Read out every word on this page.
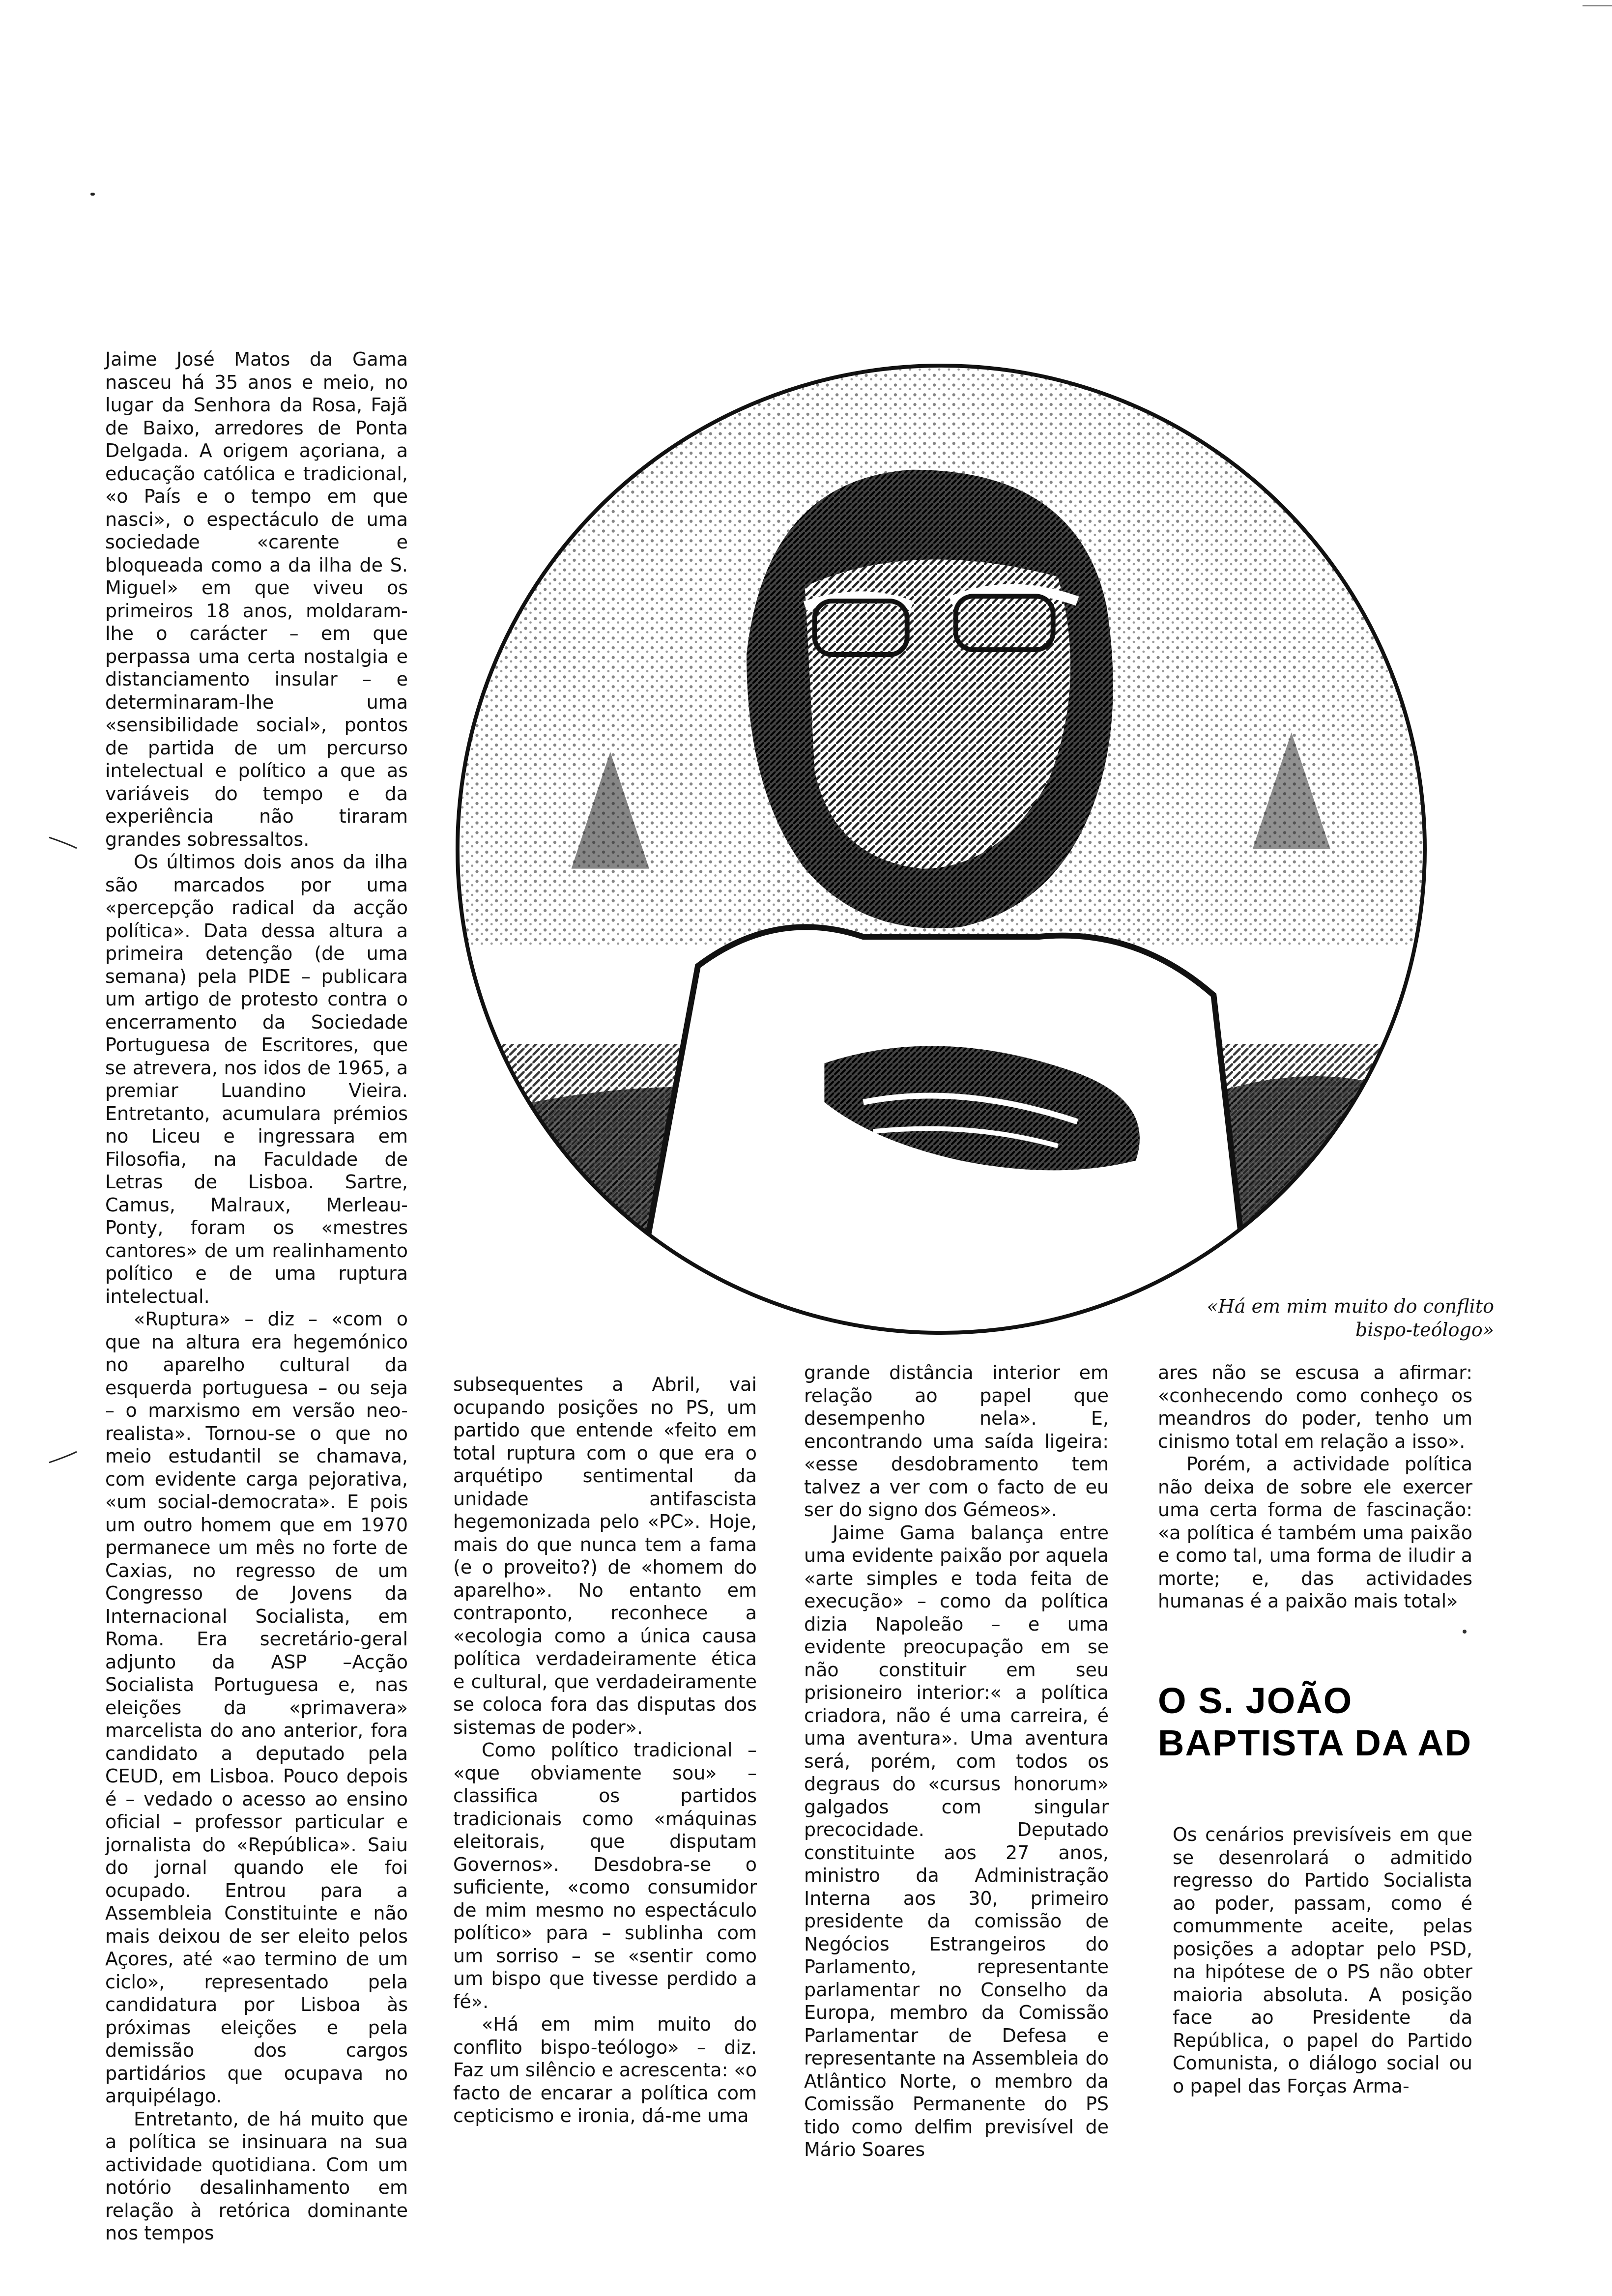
Jaime José Matos da Gama nasceu há 35 anos e meio, no lugar da Senhora da Rosa, Fajã de Baixo, arredores de Ponta Delgada. A origem açoriana, a educação católica e tradicional, «o País e o tempo em que nasci», o espectáculo de uma sociedade «carente e bloqueada como a da ilha de S. Miguel» em que viveu os primeiros 18 anos, moldaram-lhe o carácter – em que perpassa uma certa nostalgia e distanciamento insular – e determinaram-lhe uma «sensibilidade social», pontos de partida de um percurso intelectual e político a que as variáveis do tempo e da experiência não tiraram grandes sobressaltos.

Os últimos dois anos da ilha são marcados por uma «percepção radical da acção política». Data dessa altura a primeira detenção (de uma semana) pela PIDE – publicara um artigo de protesto contra o encerramento da Sociedade Portuguesa de Escritores, que se atrevera, nos idos de 1965, a premiar Luandino Vieira. Entretanto, acumulara prémios no Liceu e ingressara em Filosofia, na Faculdade de Letras de Lisboa. Sartre, Camus, Malraux, Merleau-Ponty, foram os «mestres cantores» de um realinhamento político e de uma ruptura intelectual.

«Ruptura» – diz – «com o que na altura era hegemónico no aparelho cultural da esquerda portuguesa – ou seja – o marxismo em versão neo-realista». Tornou-se o que no meio estudantil se chamava, com evidente carga pejorativa, «um social-democrata». E pois um outro homem que em 1970 permanece um mês no forte de Caxias, no regresso de um Congresso de Jovens da Internacional Socialista, em Roma. Era secretário-geral adjunto da ASP –Acção Socialista Portuguesa e, nas eleições da «primavera» marcelista do ano anterior, fora candidato a deputado pela CEUD, em Lisboa. Pouco depois é – vedado o acesso ao ensino oficial – professor particular e jornalista do «República». Saiu do jornal quando ele foi ocupado. Entrou para a Assembleia Constituinte e não mais deixou de ser eleito pelos Açores, até «ao termino de um ciclo», representado pela candidatura por Lisboa às próximas eleições e pela demissão dos cargos partidários que ocupava no arquipélago.

Entretanto, de há muito que a política se insinuara na sua actividade quotidiana. Com um notório desalinhamento em relação à retórica dominante nos tempos

«Há em mim muito do conflito
bispo-teólogo»

subsequentes a Abril, vai ocupando posições no PS, um partido que entende «feito em total ruptura com o que era o arquétipo sentimental da unidade antifascista hegemonizada pelo «PC». Hoje, mais do que nunca tem a fama (e o proveito?) de «homem do aparelho». No entanto em contraponto, reconhece a «ecologia como a única causa política verdadeiramente ética e cultural, que verdadeiramente se coloca fora das disputas dos sistemas de poder».

Como político tradicional – «que obviamente sou» – classifica os partidos tradicionais como «máquinas eleitorais, que disputam Governos». Desdobra-se o suficiente, «como consumidor de mim mesmo no espectáculo político» para – sublinha com um sorriso – se «sentir como um bispo que tivesse perdido a fé».

«Há em mim muito do conflito bispo-teólogo» – diz. Faz um silêncio e acrescenta: «o facto de encarar a política com cepticismo e ironia, dá-me uma

grande distância interior em relação ao papel que desempenho nela». E, encontrando uma saída ligeira: «esse desdobramento tem talvez a ver com o facto de eu ser do signo dos Gémeos».

Jaime Gama balança entre uma evidente paixão por aquela «arte simples e toda feita de execução» – como da política dizia Napoleão – e uma evidente preocupação em se não constituir em seu prisioneiro interior:« a política criadora, não é uma carreira, é uma aventura». Uma aventura será, porém, com todos os degraus do «cursus honorum» galgados com singular precocidade. Deputado constituinte aos 27 anos, ministro da Administração Interna aos 30, primeiro presidente da comissão de Negócios Estrangeiros do Parlamento, representante parlamentar no Conselho da Europa, membro da Comissão Parlamentar de Defesa e representante na Assembleia do Atlântico Norte, o membro da Comissão Permanente do PS tido como delfim previsível de Mário Soares

ares não se escusa a afirmar: «conhecendo como conheço os meandros do poder, tenho um cinismo total em relação a isso».

Porém, a actividade política não deixa de sobre ele exercer uma certa forma de fascinação: «a política é também uma paixão e como tal, uma forma de iludir a morte; e, das actividades humanas é a paixão mais total»

O S. JOÃO
BAPTISTA DA AD

Os cenários previsíveis em que se desenrolará o admitido regresso do Partido Socialista ao poder, passam, como é comummente aceite, pelas posições a adoptar pelo PSD, na hipótese de o PS não obter maioria absoluta. A posição face ao Presidente da República, o papel do Partido Comunista, o diálogo social ou o papel das Forças Arma-
